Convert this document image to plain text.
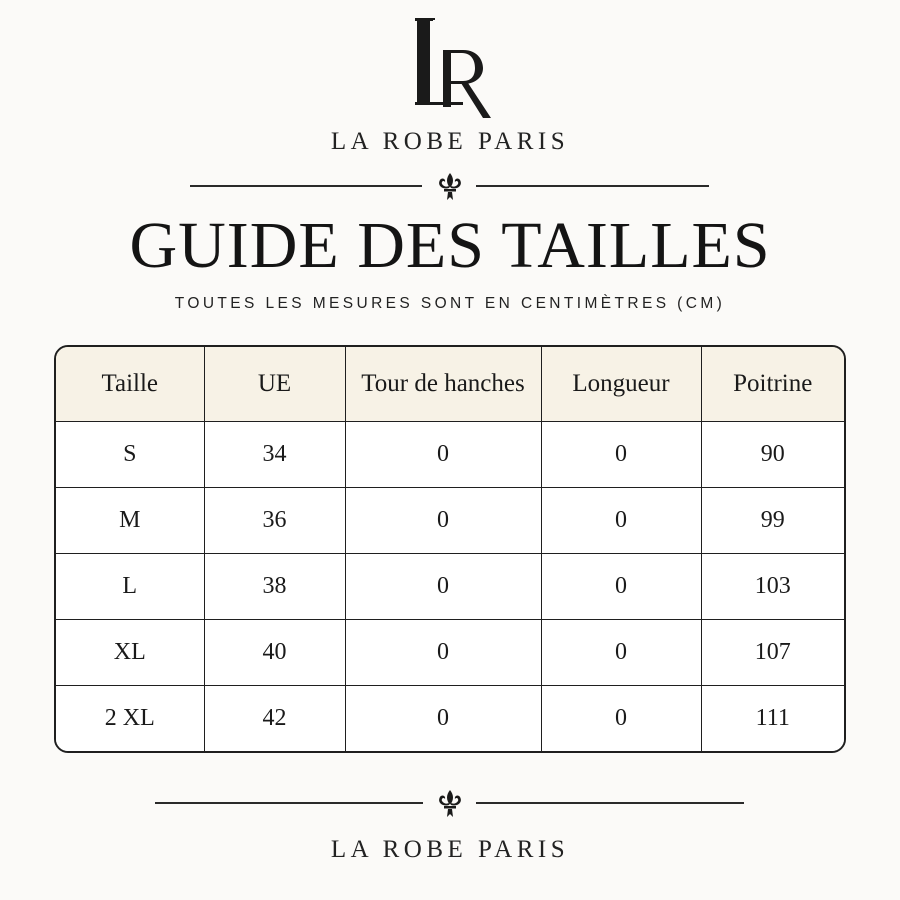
LA ROBE PARIS
GUIDE DES TAILLES
TOUTES LES MESURES SONT EN CENTIMÈTRES (CM)
Taille	UE	Tour de hanches	Longueur	Poitrine
S	34	0	0	90
M	36	0	0	99
L	38	0	0	103
XL	40	0	0	107
2 XL	42	0	0	111
LA ROBE PARIS
